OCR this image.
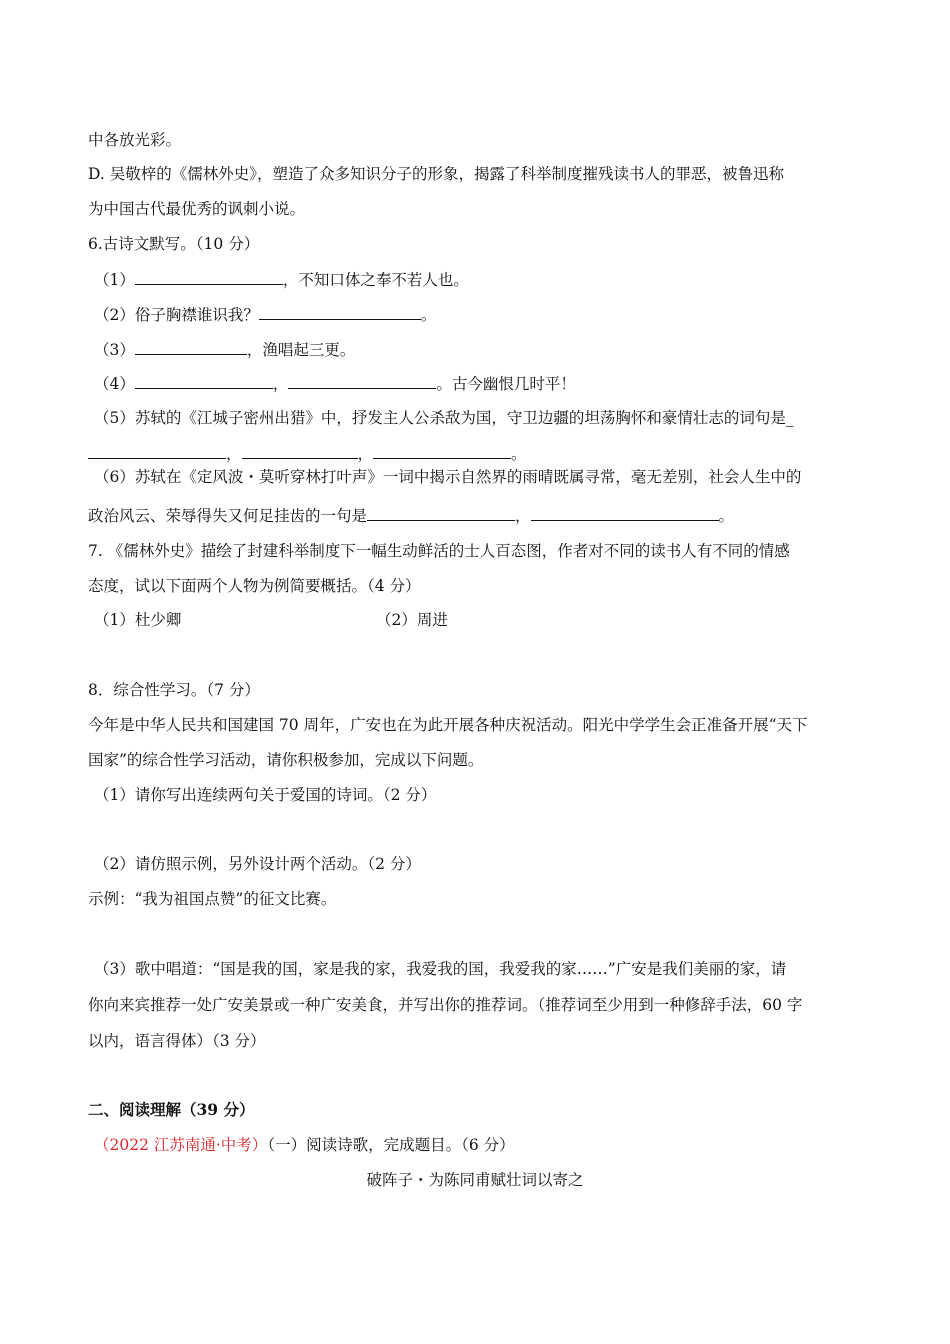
中各放光彩。
D. 吴敬梓的《儒林外史》，塑造了众多知识分子的形象，揭露了科举制度摧残读书人的罪恶，被鲁迅称
为中国古代最优秀的讽刺小说。
6.古诗文默写。（10 分）
（1）	，不知口体之奉不若人也。
（2）俗子胸襟谁识我？	。
（3）	，渔唱起三更。
（4）	，	。古今幽恨几时平！
（5）苏轼的《江城子密州出猎》中，抒发主人公杀敌为国，守卫边疆的坦荡胸怀和豪情壮志的词句是_
，	，	。
（6）苏轼在《定风波・莫听穿林打叶声》一词中揭示自然界的雨晴既属寻常，毫无差别，社会人生中的
政治风云、荣辱得失又何足挂齿的一句是	，	。
7. 《儒林外史》描绘了封建科举制度下一幅生动鲜活的士人百态图，作者对不同的读书人有不同的情感
态度，试以下面两个人物为例简要概括。（4 分）
（1）杜少卿	（2）周进
8．综合性学习。（7 分）
今年是中华人民共和国建国 70 周年，广安也在为此开展各种庆祝活动。阳光中学学生会正准备开展“天下
国家”的综合性学习活动，请你积极参加，完成以下问题。
（1）请你写出连续两句关于爱国的诗词。（2 分）
（2）请仿照示例，另外设计两个活动。（2 分）
示例：“我为祖国点赞”的征文比赛。
（3）歌中唱道：“国是我的国，家是我的家，我爱我的国，我爱我的家……”广安是我们美丽的家，请
你向来宾推荐一处广安美景或一种广安美食，并写出你的推荐词。（推荐词至少用到一种修辞手法，60 字
以内，语言得体）（3 分）
二、阅读理解（39 分）
（2022 江苏南通·中考）（一）阅读诗歌，完成题目。（6 分）
破阵子・为陈同甫赋壮词以寄之
